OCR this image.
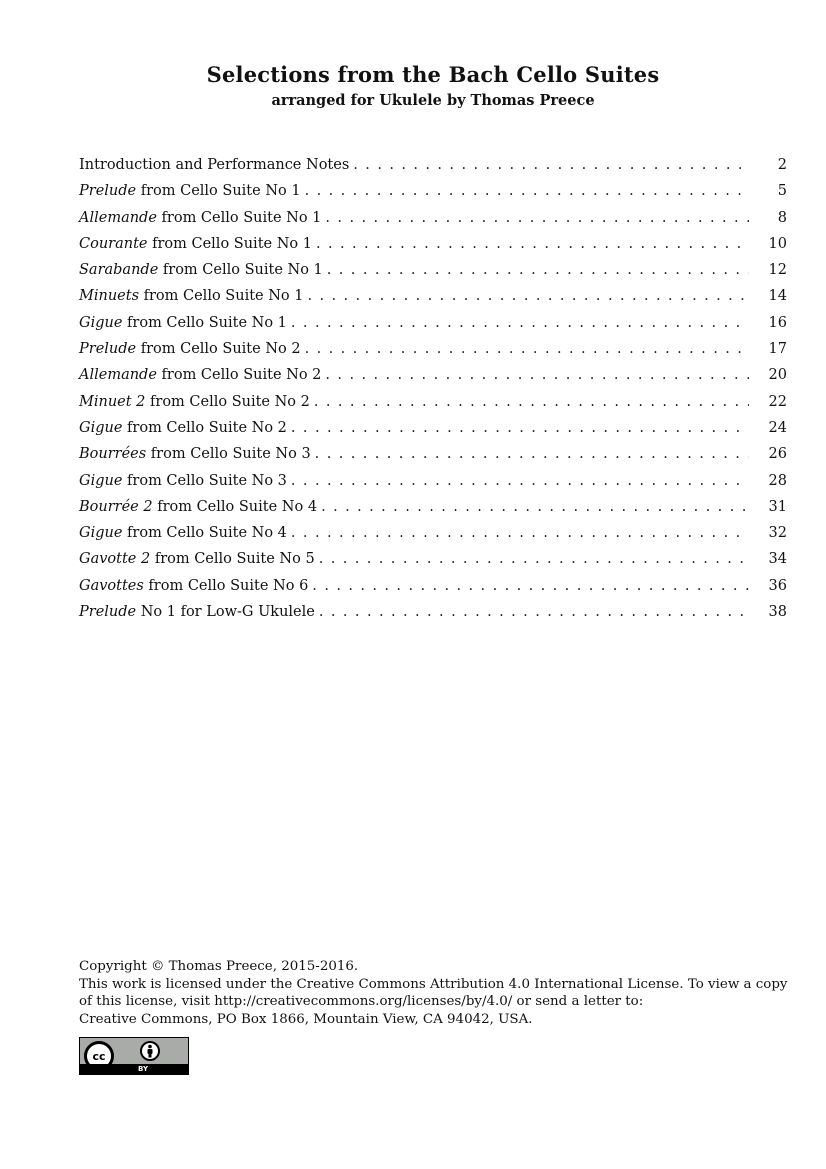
Selections from the Bach Cello Suites
arranged for Ukulele by Thomas Preece
Introduction and Performance Notes . . .	2
Prelude from Cello Suite No 1 . . .	5
Allemande from Cello Suite No 1 . . .	8
Courante from Cello Suite No 1 . . .	10
Sarabande from Cello Suite No 1 . . .	12
Minuets from Cello Suite No 1 . . .	14
Gigue from Cello Suite No 1 . . .	16
Prelude from Cello Suite No 2 . . .	17
Allemande from Cello Suite No 2 . . .	20
Minuet 2 from Cello Suite No 2 . . .	22
Gigue from Cello Suite No 2 . . .	24
Bourrées from Cello Suite No 3 . . .	26
Gigue from Cello Suite No 3 . . .	28
Bourrée 2 from Cello Suite No 4 . . .	31
Gigue from Cello Suite No 4 . . .	32
Gavotte 2 from Cello Suite No 5 . . .	34
Gavottes from Cello Suite No 6 . . .	36
Prelude No 1 for Low-G Ukulele . . .	38
Copyright © Thomas Preece, 2015-2016.
This work is licensed under the Creative Commons Attribution 4.0 International License. To view a copy
of this license, visit http://creativecommons.org/licenses/by/4.0/ or send a letter to:
Creative Commons, PO Box 1866, Mountain View, CA 94042, USA.
cc
BY
